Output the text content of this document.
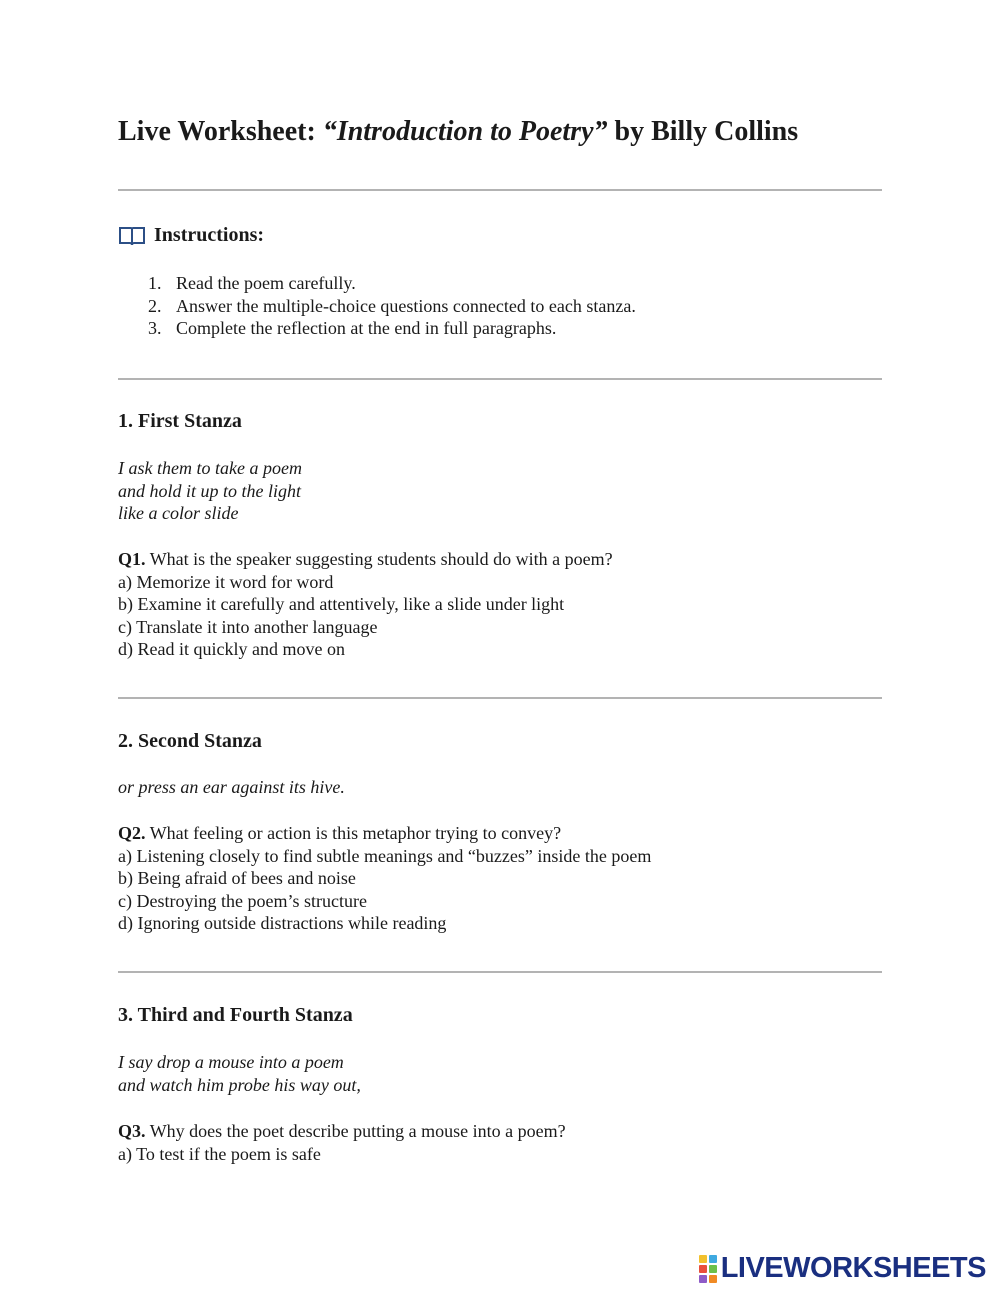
Live Worksheet: “Introduction to Poetry” by Billy Collins
Instructions:
1. Read the poem carefully.
2. Answer the multiple-choice questions connected to each stanza.
3. Complete the reflection at the end in full paragraphs.
1. First Stanza
I ask them to take a poem
and hold it up to the light
like a color slide
Q1. What is the speaker suggesting students should do with a poem?
a) Memorize it word for word
b) Examine it carefully and attentively, like a slide under light
c) Translate it into another language
d) Read it quickly and move on
2. Second Stanza
or press an ear against its hive.
Q2. What feeling or action is this metaphor trying to convey?
a) Listening closely to find subtle meanings and “buzzes” inside the poem
b) Being afraid of bees and noise
c) Destroying the poem’s structure
d) Ignoring outside distractions while reading
3. Third and Fourth Stanza
I say drop a mouse into a poem
and watch him probe his way out,
Q3. Why does the poet describe putting a mouse into a poem?
a) To test if the poem is safe
LIVEWORKSHEETS
